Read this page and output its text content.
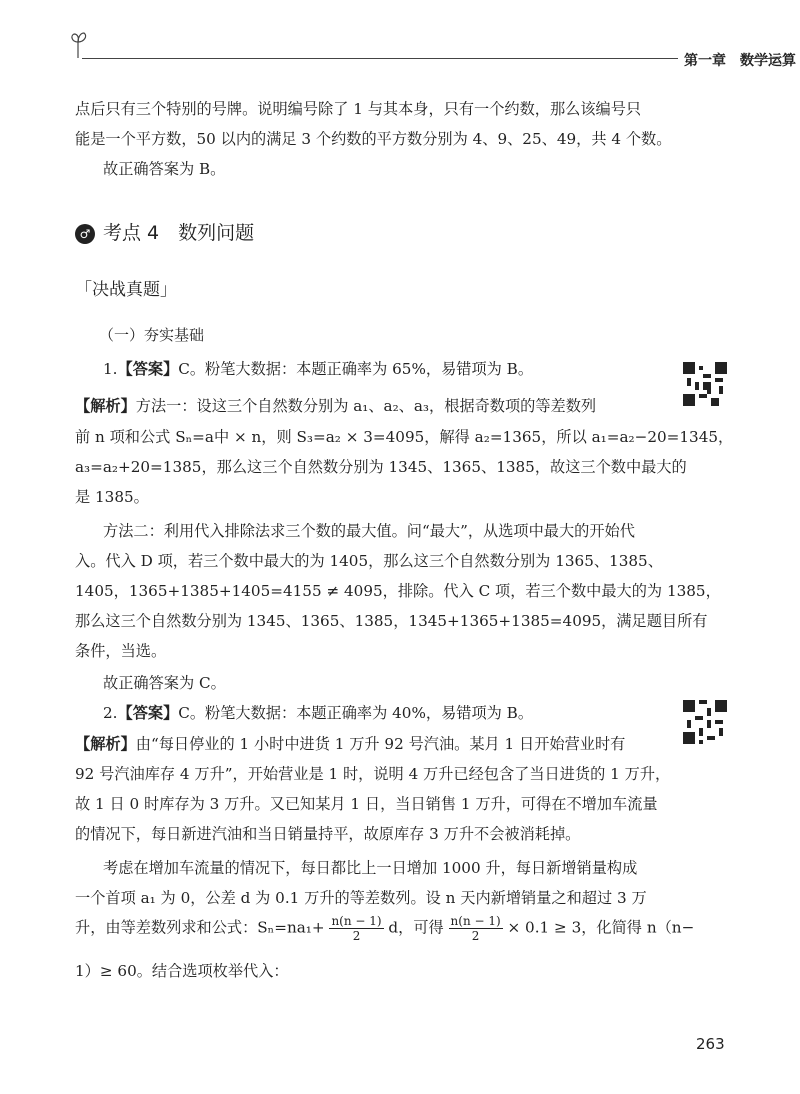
第一章　数学运算
点后只有三个特别的号牌。说明编号除了 1 与其本身，只有一个约数，那么该编号只
能是一个平方数，50 以内的满足 3 个约数的平方数分别为 4、9、25、49，共 4 个数。
故正确答案为 B。
♂ 考点 4　数列问题
「决战真题」
（一）夯实基础
1.【答案】C。粉笔大数据：本题正确率为 65%，易错项为 B。
【解析】方法一：设这三个自然数分别为 a₁、a₂、a₃，根据奇数项的等差数列
前 n 项和公式 Sₙ=a中 × n，则 S₃=a₂ × 3=4095，解得 a₂=1365，所以 a₁=a₂−20=1345，
a₃=a₂+20=1385，那么这三个自然数分别为 1345、1365、1385，故这三个数中最大的
是 1385。
方法二：利用代入排除法求三个数的最大值。问“最大”，从选项中最大的开始代
入。代入 D 项，若三个数中最大的为 1405，那么这三个自然数分别为 1365、1385、
1405，1365+1385+1405=4155 ≠ 4095，排除。代入 C 项，若三个数中最大的为 1385，
那么这三个自然数分别为 1345、1365、1385，1345+1365+1385=4095，满足题目所有
条件，当选。
故正确答案为 C。
2.【答案】C。粉笔大数据：本题正确率为 40%，易错项为 B。
【解析】由“每日停业的 1 小时中进货 1 万升 92 号汽油。某月 1 日开始营业时有
92 号汽油库存 4 万升”，开始营业是 1 时，说明 4 万升已经包含了当日进货的 1 万升，
故 1 日 0 时库存为 3 万升。又已知某月 1 日，当日销售 1 万升，可得在不增加车流量
的情况下，每日新进汽油和当日销量持平，故原库存 3 万升不会被消耗掉。
考虑在增加车流量的情况下，每日都比上一日增加 1000 升，每日新增销量构成
一个首项 a₁ 为 0，公差 d 为 0.1 万升的等差数列。设 n 天内新增销量之和超过 3 万
升，由等差数列求和公式：$S_n=na_1+ \frac{n(n - 1)}{2}$ d，可得 $\frac{n(n - 1)}{2} \times 0.1 \ge 3$，化简得 n（n−
1）≥ 60。结合选项枚举代入：
263
